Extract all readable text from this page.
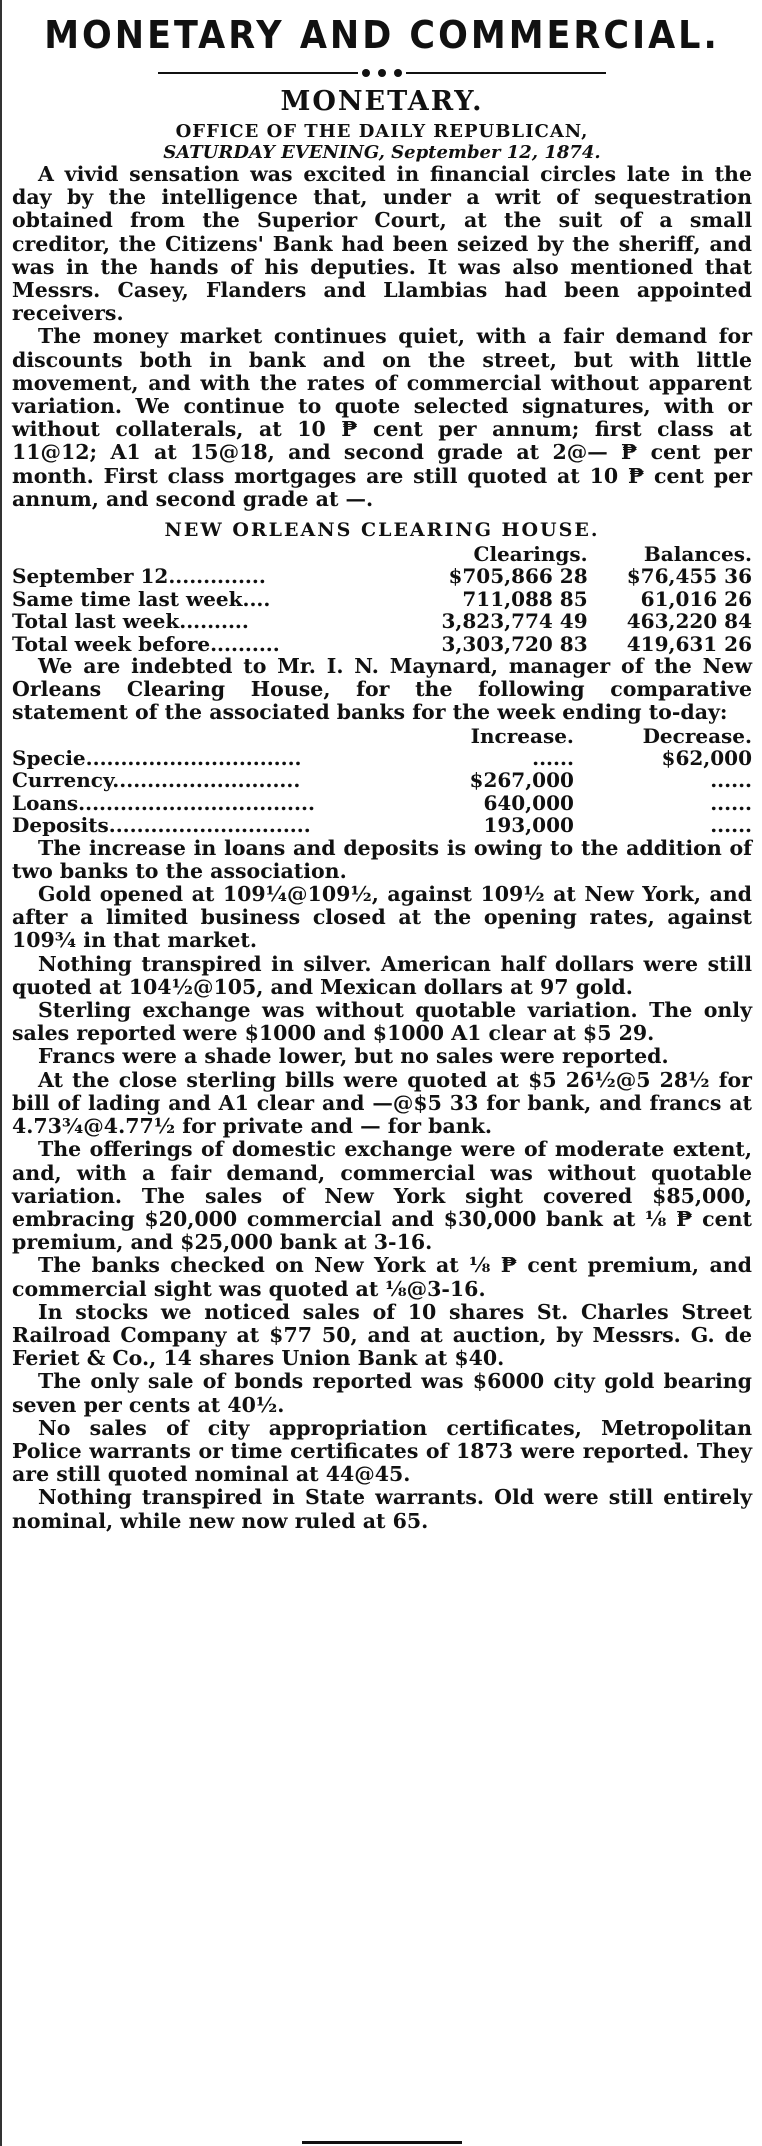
MONETARY AND COMMERCIAL.
MONETARY.
OFFICE OF THE DAILY REPUBLICAN,
SATURDAY EVENING, September 12, 1874.

A vivid sensation was excited in financial circles late in the day by the intelligence that, under a writ of sequestration obtained from the Superior Court, at the suit of a small creditor, the Citizens' Bank had been seized by the sheriff, and was in the hands of his deputies. It was also mentioned that Messrs. Casey, Flanders and Llambias had been appointed receivers.

The money market continues quiet, with a fair demand for discounts both in bank and on the street, but with little movement, and with the rates of commercial without apparent variation. We continue to quote selected signatures, with or without collaterals, at 10 ₱ cent per annum; first class at 11@12; A1 at 15@18, and second grade at 2@— ₱ cent per month. First class mortgages are still quoted at 10 ₱ cent per annum, and second grade at —.

NEW ORLEANS CLEARING HOUSE.
	Clearings.	Balances.
September 12..............	$705,866 28	$76,455 36
Same time last week....	711,088 85	61,016 26
Total last week..........	3,823,774 49	463,220 84
Total week before..........	3,303,720 83	419,631 26

We are indebted to Mr. I. N. Maynard, manager of the New Orleans Clearing House, for the following comparative statement of the associated banks for the week ending to-day:

	Increase.	Decrease.
Specie...............................	......	$62,000
Currency...........................	$267,000	......
Loans..................................	640,000	......
Deposits.............................	193,000	......

The increase in loans and deposits is owing to the addition of two banks to the association.

Gold opened at 109¼@109½, against 109½ at New York, and after a limited business closed at the opening rates, against 109¾ in that market.

Nothing transpired in silver. American half dollars were still quoted at 104½@105, and Mexican dollars at 97 gold.

Sterling exchange was without quotable variation. The only sales reported were $1000 and $1000 A1 clear at $5 29.

Francs were a shade lower, but no sales were reported.

At the close sterling bills were quoted at $5 26½@5 28½ for bill of lading and A1 clear and —@$5 33 for bank, and francs at 4.73¾@4.77½ for private and — for bank.

The offerings of domestic exchange were of moderate extent, and, with a fair demand, commercial was without quotable variation. The sales of New York sight covered $85,000, embracing $20,000 commercial and $30,000 bank at ⅛ ₱ cent premium, and $25,000 bank at 3-16.

The banks checked on New York at ⅛ ₱ cent premium, and commercial sight was quoted at ⅛@3-16.

In stocks we noticed sales of 10 shares St. Charles Street Railroad Company at $77 50, and at auction, by Messrs. G. de Feriet & Co., 14 shares Union Bank at $40.

The only sale of bonds reported was $6000 city gold bearing seven per cents at 40½.

No sales of city appropriation certificates, Metropolitan Police warrants or time certificates of 1873 were reported. They are still quoted nominal at 44@45.

Nothing transpired in State warrants. Old were still entirely nominal, while new now ruled at 65.
